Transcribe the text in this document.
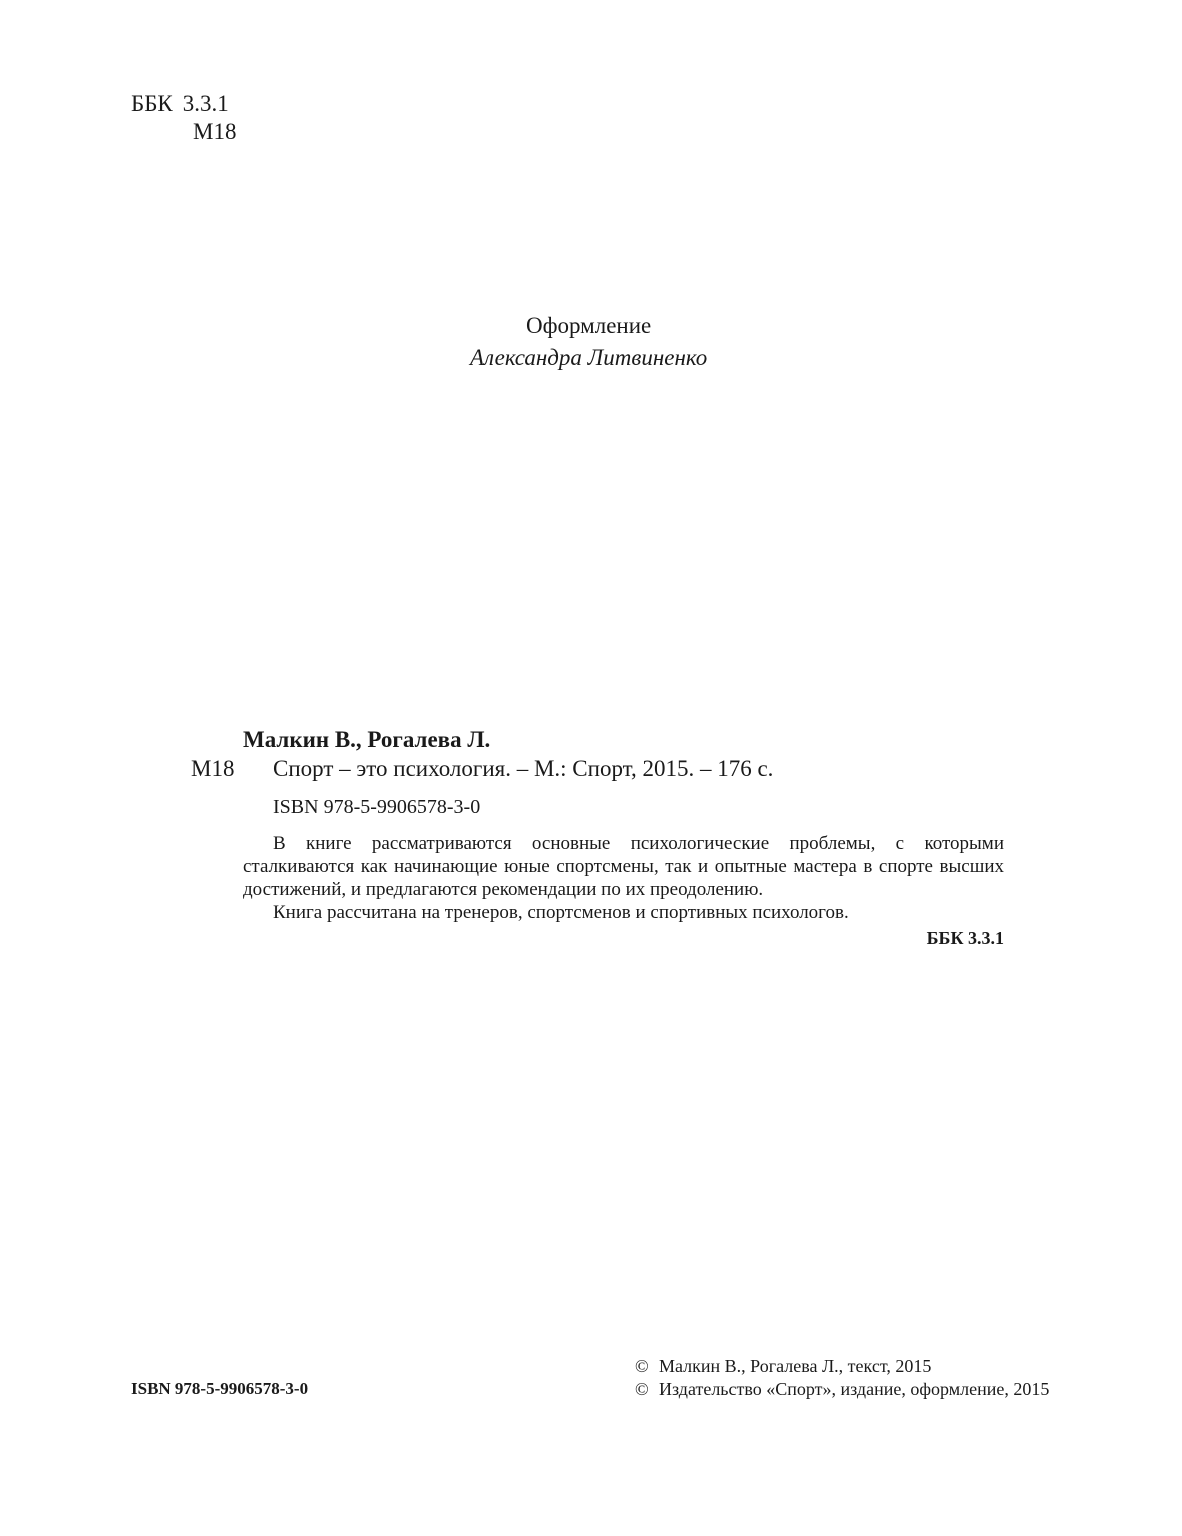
ББК 3.3.1
М18
Оформление
Александра Литвиненко
Малкин В., Рогалева Л.
М18 Спорт – это психология. – М.: Спорт, 2015. – 176 с.
ISBN 978-5-9906578-3-0

В книге рассматриваются основные психологические проблемы, с которыми сталкиваются как начинающие юные спортсмены, так и опытные мастера в спорте высших достижений, и предлагаются рекомендации по их преодолению.

Книга рассчитана на тренеров, спортсменов и спортивных психологов.

ББК 3.3.1
ISBN 978-5-9906578-3-0
© Малкин В., Рогалева Л., текст, 2015
© Издательство «Спорт», издание, оформление, 2015
